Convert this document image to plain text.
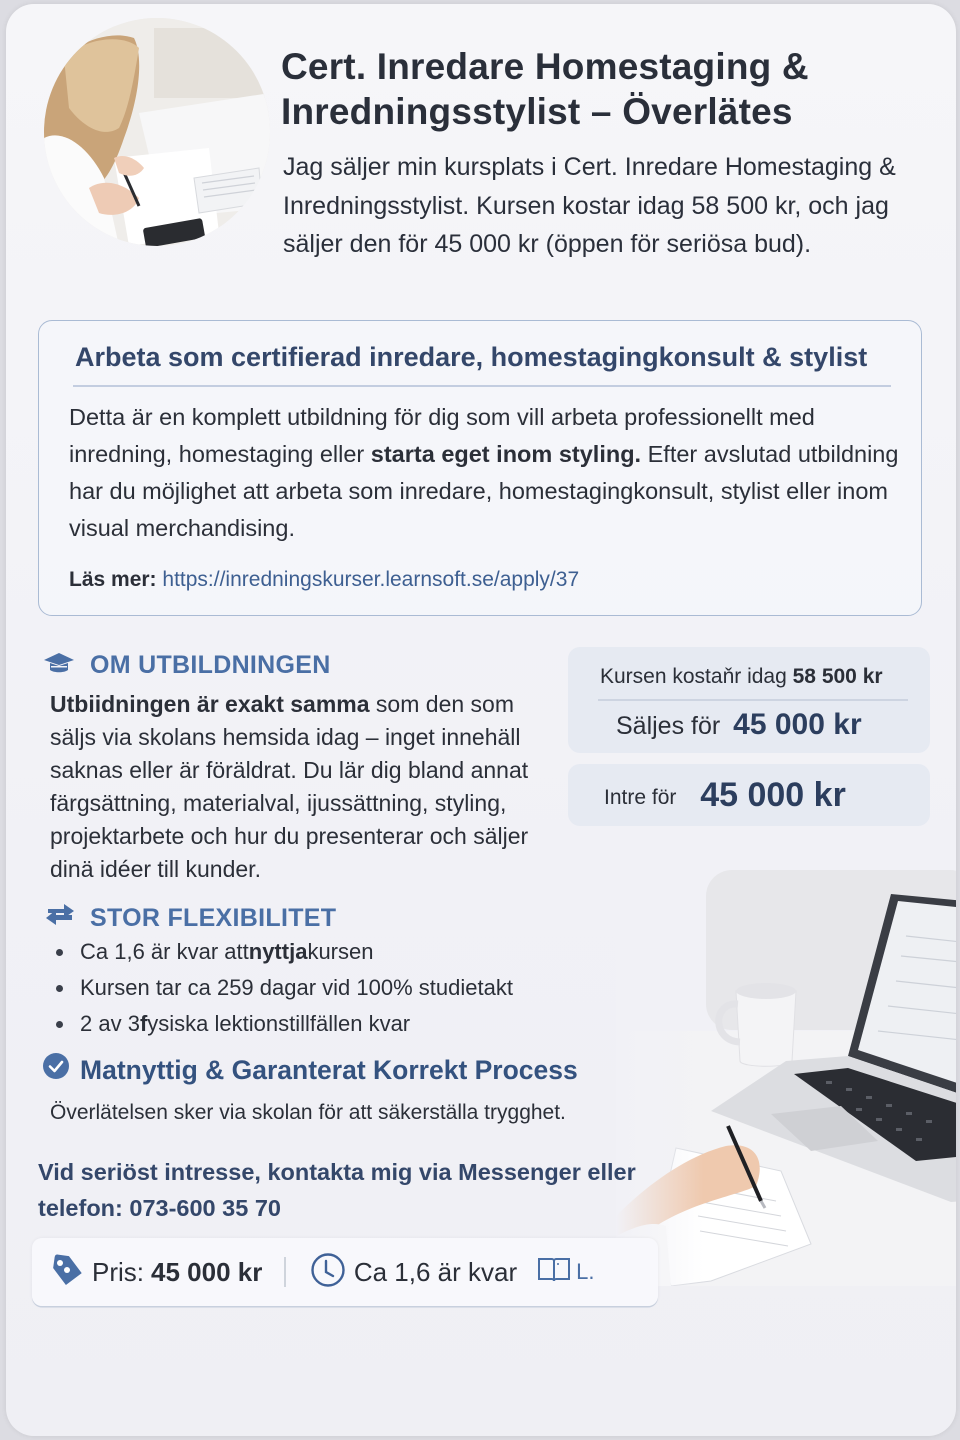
Cert. Inredare Homestaging & Inredningsstylist – Överlätes
Jag säljer min kursplats i Cert. Inredare Homestaging & Inredningsstylist. Kursen kostar idag 58 500 kr, och jag säljer den för 45 000 kr (öppen för seriösa bud).
Arbeta som certifierad inredare, homestagingkonsult & stylist
Detta är en komplett utbildning för dig som vill arbeta professionellt med inredning, homestaging eller starta eget inom styling. Efter avslutad utbildning har du möjlighet att arbeta som inredare, homestagingkonsult, stylist eller inom visual merchandising.
Läs mer: https://inredningskurser.learnsoft.se/apply/37
OM UTBILDNINGEN
Utbiidningen är exakt samma som den som säljs via skolans hemsida idag – inget innehäll saknas eller är föräldrat. Du lär dig bland annat färgsättning, materialval, ijussättning, styling, projektarbete och hur du presenterar och säljer dinä idéer till kunder.
Kursen kostaňr idag 58 500 kr
Säljes för 45 000 kr
Intre för 45 000 kr
STOR FLEXIBILITET
Ca 1,6 är kvar att nyttja kursen
Kursen tar ca 259 dagar vid 100% studietakt
2 av 3 f ysiska lektionstillfällen kvar
Matnyttig & Garanterat Korrekt Process
Överlätelsen sker via skolan för att säkerställa trygghet.
Vid seriöst intresse, kontakta mig via Messenger eller telefon: 073-600 35 70
Pris: 45 000 kr	Ca 1,6 är kvar	L.
